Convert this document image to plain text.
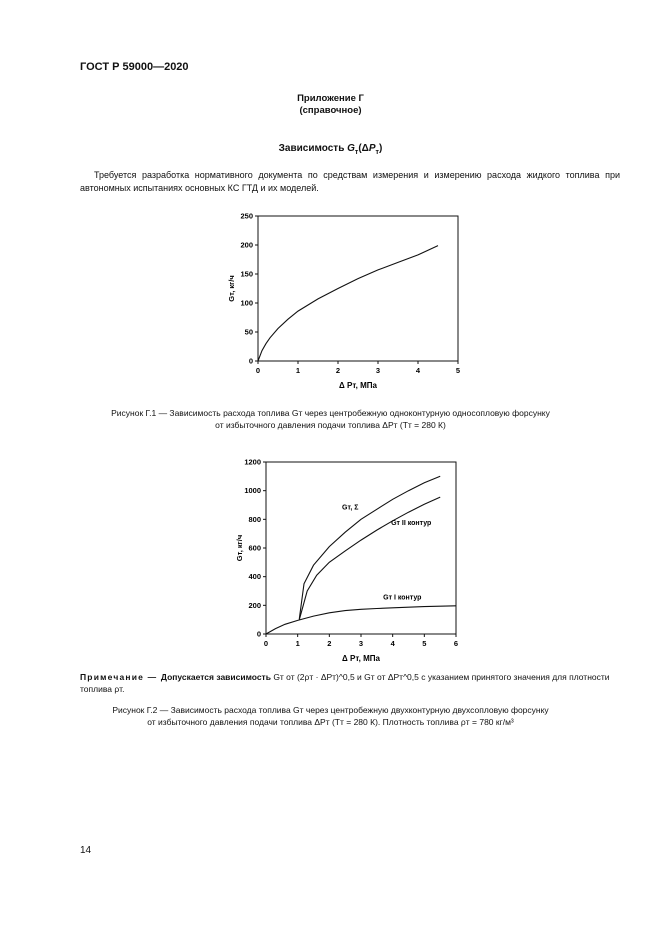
ГОСТ Р 59000—2020
Приложение Г
(справочное)
Зависимость $G_т(\Delta P_т)$
Требуется разработка нормативного документа по средствам измерения и измерению расхода жидкого топлива при автономных испытаниях основных КС ГТД и их моделей.
0	1	2	3	4	5
0
50
100
150
200
250
Δ Pт, МПа
Gт, кг/ч
Рисунок Г.1 — Зависимость расхода топлива Gт через центробежную одноконтурную односопловую форсунку
от избыточного давления подачи топлива ΔPт (Tт = 280 К)
0	1	2	3	4	5	6
0
200
400
600
800
1000
1200
Δ Pт, МПа
Gт, кг/ч
Gт, Σ
Gт II контур
Gт I контур
Примечание — Допускается зависимость Gт от (2ρт · ΔPт)^0,5 и Gт от ΔPт^0,5 с указанием принятого значения для плотности топлива ρт.
Рисунок Г.2 — Зависимость расхода топлива Gт через центробежную двухконтурную двухсопловую форсунку
от избыточного давления подачи топлива ΔPт (Tт = 280 К). Плотность топлива ρт = 780 кг/м³
14
